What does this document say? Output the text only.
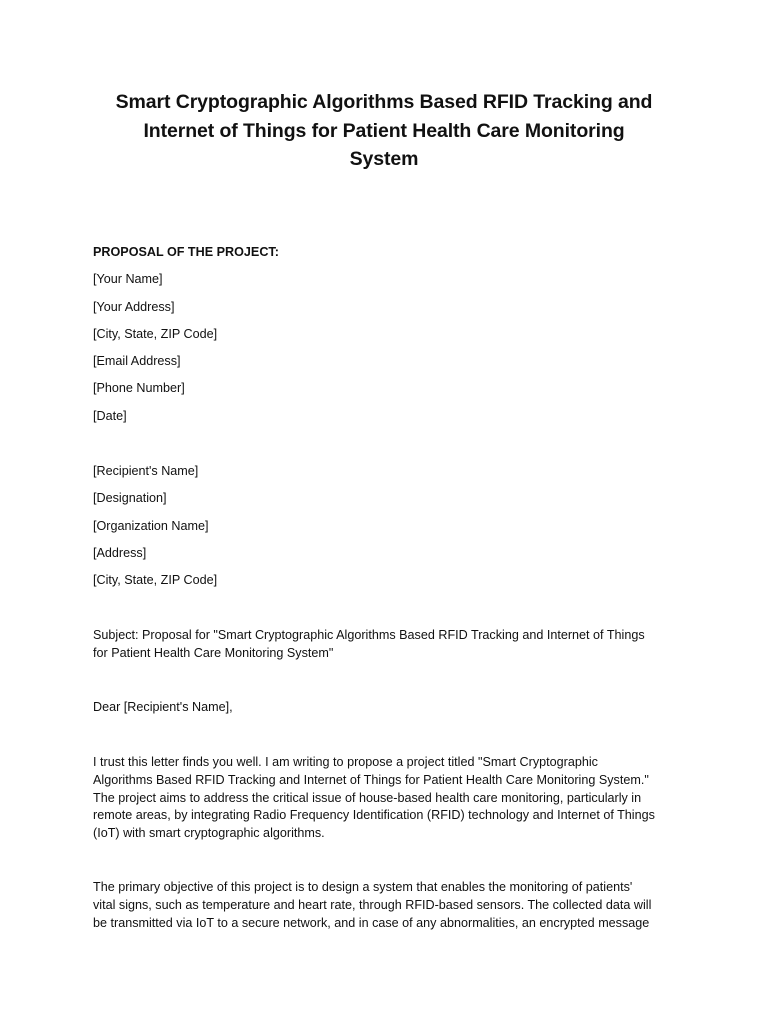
Smart Cryptographic Algorithms Based RFID Tracking and
Internet of Things for Patient Health Care Monitoring
System
PROPOSAL OF THE PROJECT:
[Your Name]
[Your Address]
[City, State, ZIP Code]
[Email Address]
[Phone Number]
[Date]
[Recipient's Name]
[Designation]
[Organization Name]
[Address]
[City, State, ZIP Code]
Subject: Proposal for "Smart Cryptographic Algorithms Based RFID Tracking and Internet of Things
for Patient Health Care Monitoring System"
Dear [Recipient's Name],
I trust this letter finds you well. I am writing to propose a project titled "Smart Cryptographic
Algorithms Based RFID Tracking and Internet of Things for Patient Health Care Monitoring System."
The project aims to address the critical issue of house-based health care monitoring, particularly in
remote areas, by integrating Radio Frequency Identification (RFID) technology and Internet of Things
(IoT) with smart cryptographic algorithms.
The primary objective of this project is to design a system that enables the monitoring of patients'
vital signs, such as temperature and heart rate, through RFID-based sensors. The collected data will
be transmitted via IoT to a secure network, and in case of any abnormalities, an encrypted message
